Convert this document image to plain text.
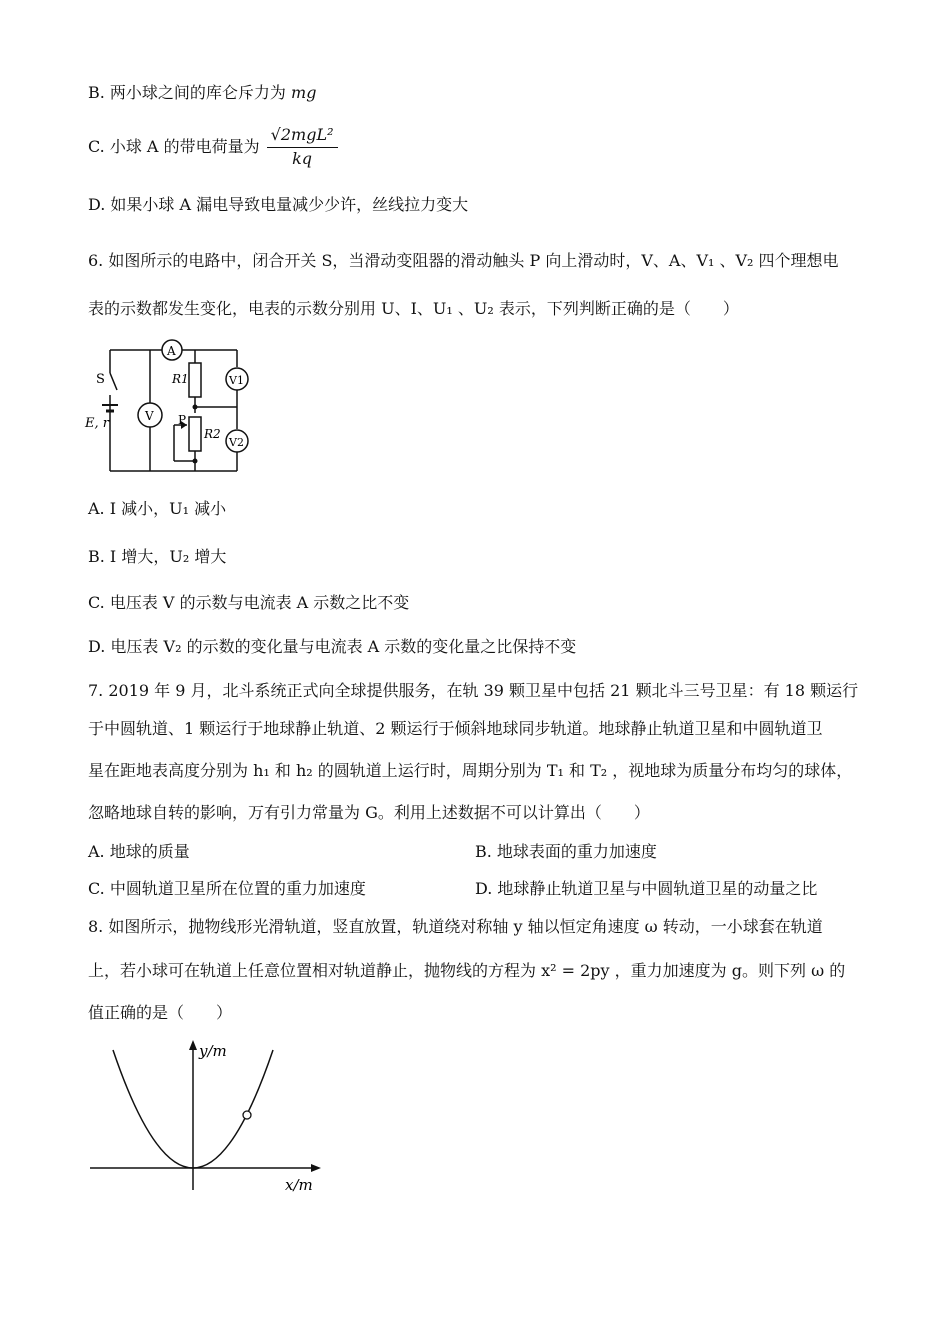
B. 两小球之间的库仑斥力为 mg
C. 小球 A 的带电荷量为 $\frac{\text{√2mgL²}}{kq}$
D. 如果小球 A 漏电导致电量减少少许，丝线拉力变大
6. 如图所示的电路中，闭合开关 S，当滑动变阻器的滑动触头 P 向上滑动时，V、A、V₁ 、V₂ 四个理想电
表的示数都发生变化，电表的示数分别用 U、I、U₁ 、U₂ 表示，下列判断正确的是（　　）
A
V
V1
V2
S
E, r
R1
R2
P
A. I 减小，U₁ 减小
B. I 增大，U₂ 增大
C. 电压表 V 的示数与电流表 A 示数之比不变
D. 电压表 V₂ 的示数的变化量与电流表 A 示数的变化量之比保持不变
7. 2019 年 9 月，北斗系统正式向全球提供服务，在轨 39 颗卫星中包括 21 颗北斗三号卫星：有 18 颗运行
于中圆轨道、1 颗运行于地球静止轨道、2 颗运行于倾斜地球同步轨道。地球静止轨道卫星和中圆轨道卫
星在距地表高度分别为 h₁ 和 h₂ 的圆轨道上运行时，周期分别为 T₁ 和 T₂ ，视地球为质量分布均匀的球体，
忽略地球自转的影响，万有引力常量为 G。利用上述数据不可以计算出（　　）
A. 地球的质量	B. 地球表面的重力加速度
C. 中圆轨道卫星所在位置的重力加速度	D. 地球静止轨道卫星与中圆轨道卫星的动量之比
8. 如图所示，抛物线形光滑轨道，竖直放置，轨道绕对称轴 y 轴以恒定角速度 ω 转动，一小球套在轨道
上，若小球可在轨道上任意位置相对轨道静止，抛物线的方程为 x² = 2py ，重力加速度为 g。则下列 ω 的
值正确的是（　　）
y/m
x/m
